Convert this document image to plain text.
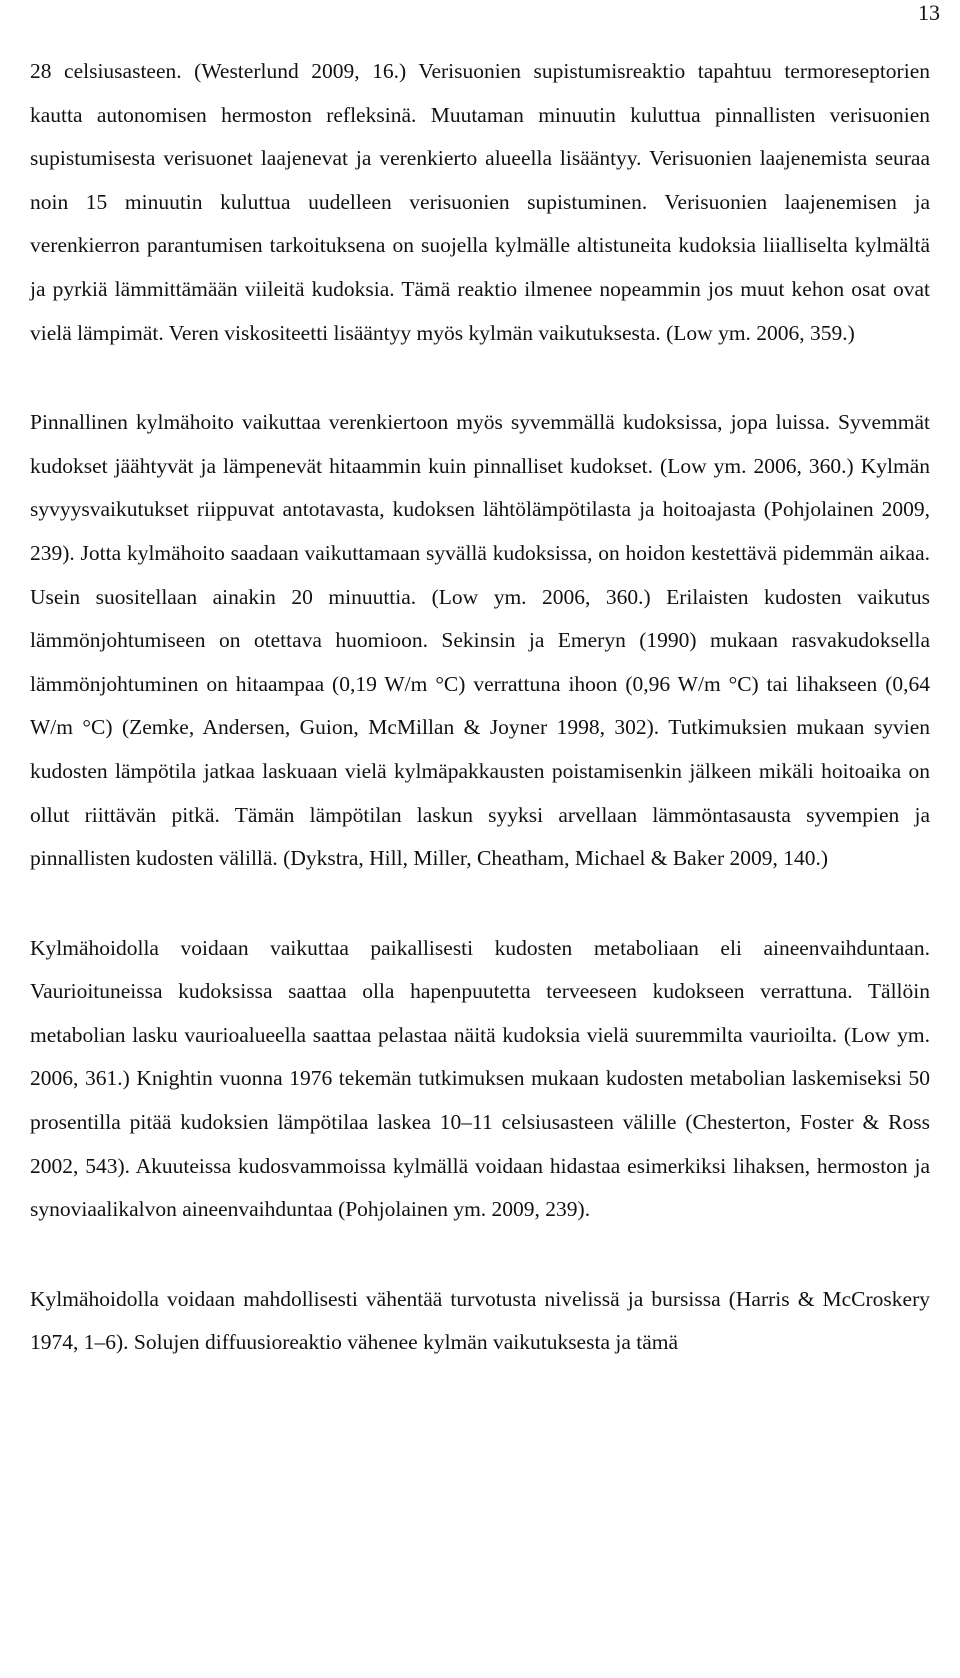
13

28 celsiusasteen. (Westerlund 2009, 16.) Verisuonien supistumisreaktio tapahtuu termoreseptorien kautta autonomisen hermoston refleksinä. Muutaman minuutin kuluttua pinnallisten verisuonien supistumisesta verisuonet laajenevat ja verenkierto alueella lisääntyy. Verisuonien laajenemista seuraa noin 15 minuutin kuluttua uudelleen verisuonien supistuminen. Verisuonien laajenemisen ja verenkierron parantumisen tarkoituksena on suojella kylmälle altistuneita kudoksia liialliselta kylmältä ja pyrkiä lämmittämään viileitä kudoksia. Tämä reaktio ilmenee nopeammin jos muut kehon osat ovat vielä lämpimät. Veren viskositeetti lisääntyy myös kylmän vaikutuksesta. (Low ym. 2006, 359.)

Pinnallinen kylmähoito vaikuttaa verenkiertoon myös syvemmällä kudoksissa, jopa luissa. Syvemmät kudokset jäähtyvät ja lämpenevät hitaammin kuin pinnalliset kudokset. (Low ym. 2006, 360.) Kylmän syvyysvaikutukset riippuvat antotavasta, kudoksen lähtölämpötilasta ja hoitoajasta (Pohjolainen 2009, 239). Jotta kylmähoito saadaan vaikuttamaan syvällä kudoksissa, on hoidon kestettävä pidemmän aikaa. Usein suositellaan ainakin 20 minuuttia. (Low ym. 2006, 360.) Erilaisten kudosten vaikutus lämmönjohtumiseen on otettava huomioon. Sekinsin ja Emeryn (1990) mukaan rasvakudoksella lämmönjohtuminen on hitaampaa (0,19 W/m °C) verrattuna ihoon (0,96 W/m °C) tai lihakseen (0,64 W/m °C) (Zemke, Andersen, Guion, McMillan & Joyner 1998, 302). Tutkimuksien mukaan syvien kudosten lämpötila jatkaa laskuaan vielä kylmäpakkausten poistamisenkin jälkeen mikäli hoitoaika on ollut riittävän pitkä. Tämän lämpötilan laskun syyksi arvellaan lämmöntasausta syvempien ja pinnallisten kudosten välillä. (Dykstra, Hill, Miller, Cheatham, Michael & Baker 2009, 140.)

Kylmähoidolla voidaan vaikuttaa paikallisesti kudosten metaboliaan eli aineenvaihduntaan. Vaurioituneissa kudoksissa saattaa olla hapenpuutetta terveeseen kudokseen verrattuna. Tällöin metabolian lasku vaurioalueella saattaa pelastaa näitä kudoksia vielä suuremmilta vaurioilta. (Low ym. 2006, 361.) Knightin vuonna 1976 tekemän tutkimuksen mukaan kudosten metabolian laskemiseksi 50 prosentilla pitää kudoksien lämpötilaa laskea 10–11 celsiusasteen välille (Chesterton, Foster & Ross 2002, 543). Akuuteissa kudosvammoissa kylmällä voidaan hidastaa esimerkiksi lihaksen, hermoston ja synoviaalikalvon aineenvaihduntaa (Pohjolainen ym. 2009, 239).

Kylmähoidolla voidaan mahdollisesti vähentää turvotusta nivelissä ja bursissa (Harris & McCroskery 1974, 1–6). Solujen diffuusioreaktio vähenee kylmän vaikutuksesta ja tämä
